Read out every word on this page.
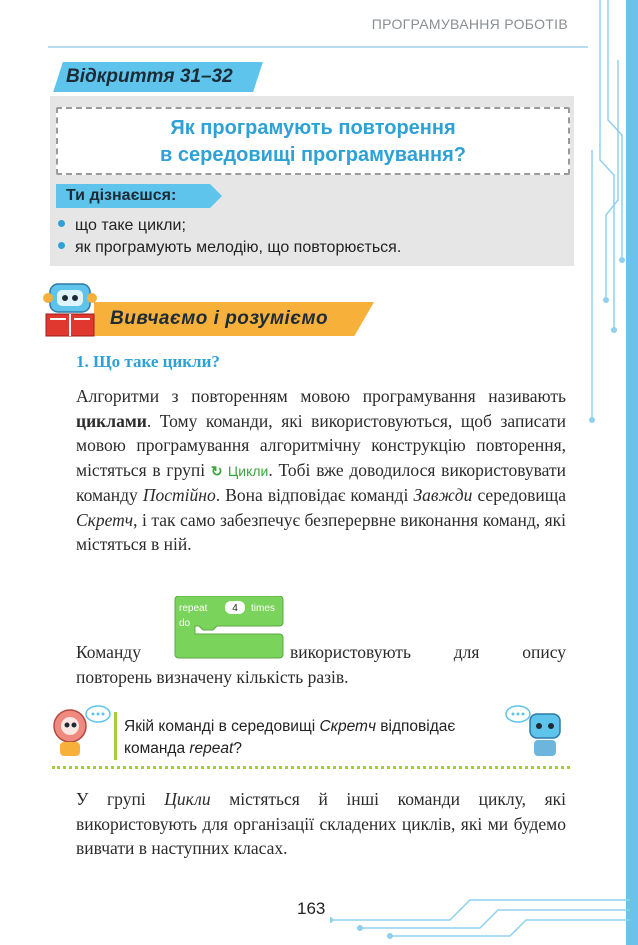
ПРОГРАМУВАННЯ РОБОТІВ
Відкриття 31–32
Як програмують повторення
в середовищі програмування?
Ти дізнаєшся:
що таке цикли;
як програмують мелодію, що повторюється.
Вивчаємо і розуміємо
1. Що таке цикли?
Алгоритми з повторенням мовою програмування називають циклами. Тому команди, які використовуються, щоб записати мовою програмування алгоритмічну конструкцію повторення, містяться в групі ↻ Цикли. Тобі вже доводилося використовувати команду Постійно. Вона відповідає команді Завжди середовища Скретч, і так само забезпечує безперервне виконання команд, які містяться в ній.
repeat 4 times
do
Команду	використовують для опису
повторень визначену кількість разів.
Якій команді в середовищі Скретч відповідає команда repeat?
У групі Цикли містяться й інші команди циклу, які використовують для організації складених циклів, які ми будемо вивчати в наступних класах.
163
